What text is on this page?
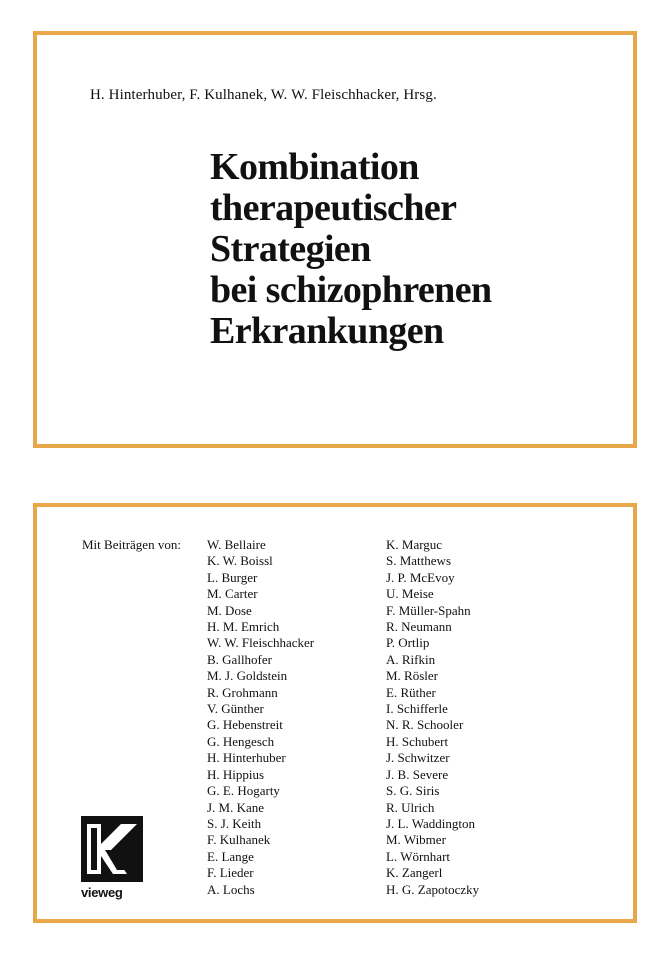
H. Hinterhuber, F. Kulhanek, W. W. Fleischhacker, Hrsg.
Kombination
therapeutischer
Strategien
bei schizophrenen
Erkrankungen
Mit Beiträgen von: W. Bellaire
K. W. Boissl
L. Burger
M. Carter
M. Dose
H. M. Emrich
W. W. Fleischhacker
B. Gallhofer
M. J. Goldstein
R. Grohmann
V. Günther
G. Hebenstreit
G. Hengesch
H. Hinterhuber
H. Hippius
G. E. Hogarty
J. M. Kane
S. J. Keith
F. Kulhanek
E. Lange
F. Lieder
A. Lochs
K. Marguc
S. Matthews
J. P. McEvoy
U. Meise
F. Müller-Spahn
R. Neumann
P. Ortlip
A. Rifkin
M. Rösler
E. Rüther
I. Schifferle
N. R. Schooler
H. Schubert
J. Schwitzer
J. B. Severe
S. G. Siris
R. Ulrich
J. L. Waddington
M. Wibmer
L. Wörnhart
K. Zangerl
H. G. Zapotoczky
vieweg
